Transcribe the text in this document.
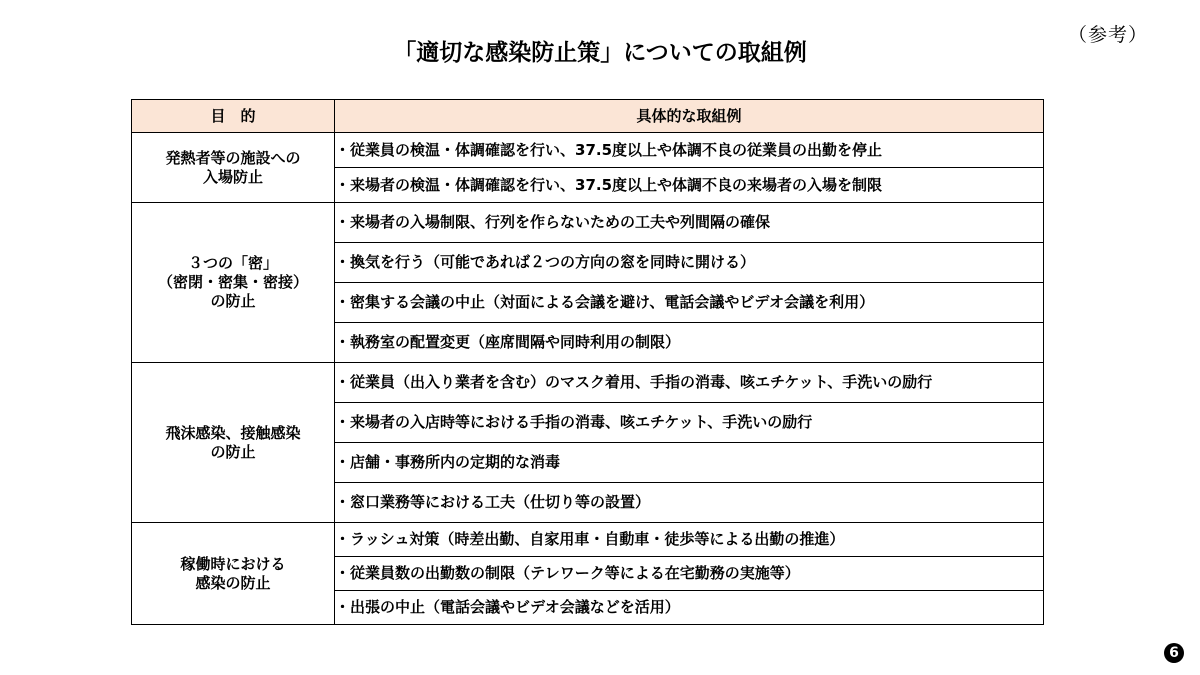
（参考）
「適切な感染防止策」についての取組例
目　的	具体的な取組例

発熱者等の施設への
入場防止	・従業員の検温・体調確認を行い、37.5度以上や体調不良の従業員の出勤を停止
	・来場者の検温・体調確認を行い、37.5度以上や体調不良の来場者の入場を制限

３つの「密」
（密閉・密集・密接）
の防止	・来場者の入場制限、行列を作らないための工夫や列間隔の確保
	・換気を行う（可能であれば２つの方向の窓を同時に開ける）
	・密集する会議の中止（対面による会議を避け、電話会議やビデオ会議を利用）
	・執務室の配置変更（座席間隔や同時利用の制限）

飛沫感染、接触感染
の防止	・従業員（出入り業者を含む）のマスク着用、手指の消毒、咳エチケット、手洗いの励行
	・来場者の入店時等における手指の消毒、咳エチケット、手洗いの励行
	・店舗・事務所内の定期的な消毒
	・窓口業務等における工夫（仕切り等の設置）

稼働時における
感染の防止	・ラッシュ対策（時差出勤、自家用車・自動車・徒歩等による出勤の推進）
	・従業員数の出勤数の制限（テレワーク等による在宅勤務の実施等）
	・出張の中止（電話会議やビデオ会議などを活用）
6
